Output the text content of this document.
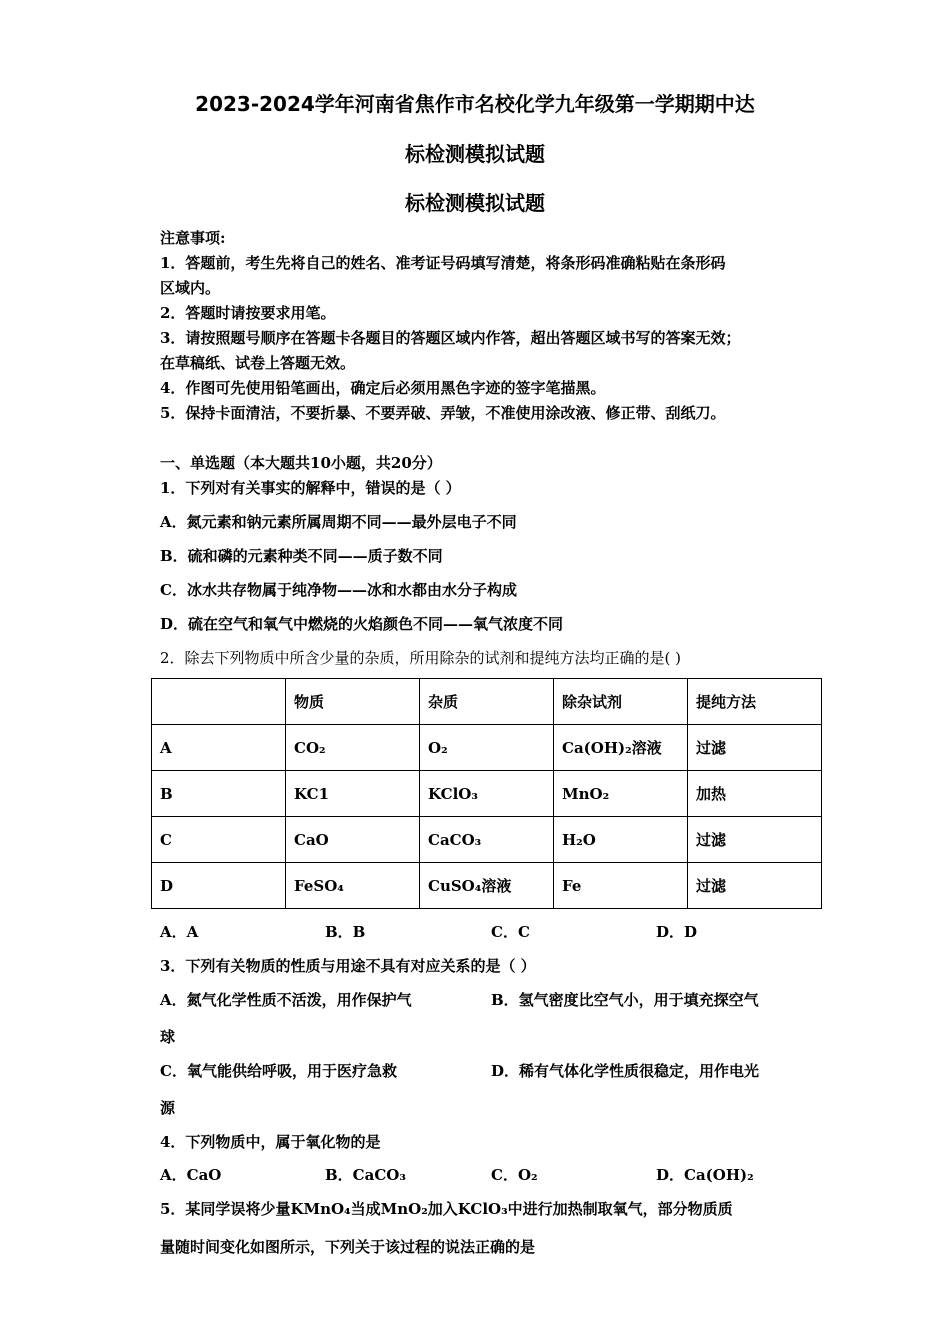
2023-2024学年河南省焦作市名校化学九年级第一学期期中达
标检测模拟试题
标检测模拟试题
注意事项:
1．答题前，考生先将自己的姓名、准考证号码填写清楚，将条形码准确粘贴在条形码
区域内。
2．答题时请按要求用笔。
3．请按照题号顺序在答题卡各题目的答题区域内作答，超出答题区域书写的答案无效；
在草稿纸、试卷上答题无效。
4．作图可先使用铅笔画出，确定后必须用黑色字迹的签字笔描黑。
5．保持卡面清洁，不要折暴、不要弄破、弄皱，不准使用涂改液、修正带、刮纸刀。
一、单选题（本大题共10小题，共20分）
1．下列对有关事实的解释中，错误的是（ ）
A．氮元素和钠元素所属周期不同——最外层电子不同
B．硫和磷的元素种类不同——质子数不同
C．冰水共存物属于纯净物——冰和水都由水分子构成
D．硫在空气和氧气中燃烧的火焰颜色不同——氧气浓度不同
2．除去下列物质中所含少量的杂质，所用除杂的试剂和提纯方法均正确的是( )
	物质	杂质	除杂试剂	提纯方法
A	CO₂	O₂	Ca(OH)₂溶液	过滤
B	KC1	KClO₃	MnO₂	加热
C	CaO	CaCO₃	H₂O	过滤
D	FeSO₄	CuSO₄溶液	Fe	过滤
A．A	B．B	C．C	D．D
3．下列有关物质的性质与用途不具有对应关系的是（ ）
A．氮气化学性质不活泼，用作保护气	B．氢气密度比空气小，用于填充探空气
球
C．氧气能供给呼吸，用于医疗急救	D．稀有气体化学性质很稳定，用作电光
源
4．下列物质中，属于氧化物的是
A．CaO	B．CaCO₃	C．O₂	D．Ca(OH)₂
5．某同学误将少量KMnO₄当成MnO₂加入KClO₃中进行加热制取氧气，部分物质质
量随时间变化如图所示，下列关于该过程的说法正确的是
